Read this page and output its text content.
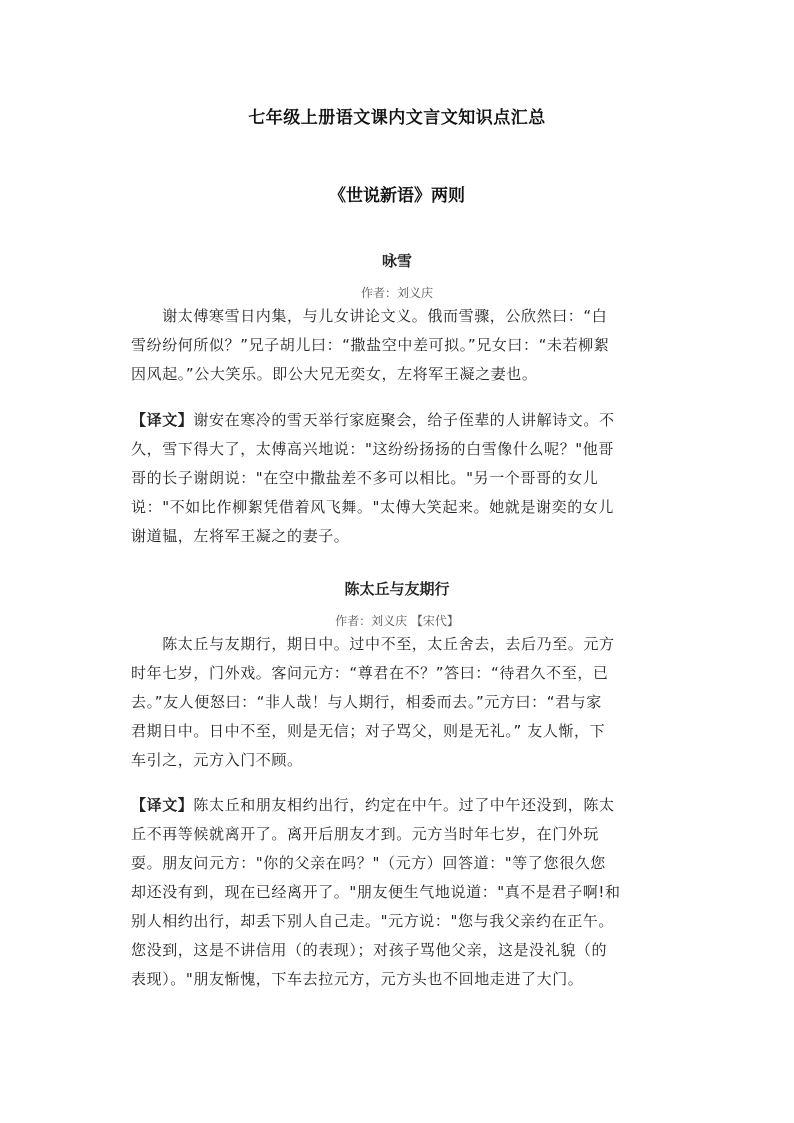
七年级上册语文课内文言文知识点汇总
《世说新语》两则
咏雪
作者：刘义庆
　　谢太傅寒雪日内集，与儿女讲论文义。俄而雪骤，公欣然曰：“白
雪纷纷何所似？”兄子胡儿曰：“撒盐空中差可拟。”兄女曰：“未若柳絮
因风起。”公大笑乐。即公大兄无奕女，左将军王凝之妻也。
【译文】谢安在寒冷的雪天举行家庭聚会，给子侄辈的人讲解诗文。不
久，雪下得大了，太傅高兴地说："这纷纷扬扬的白雪像什么呢？"他哥
哥的长子谢朗说："在空中撒盐差不多可以相比。"另一个哥哥的女儿
说："不如比作柳絮凭借着风飞舞。"太傅大笑起来。她就是谢奕的女儿
谢道韫，左将军王凝之的妻子。
陈太丘与友期行
作者：刘义庆 【宋代】
　　陈太丘与友期行，期日中。过中不至，太丘舍去，去后乃至。元方
时年七岁，门外戏。客问元方：“尊君在不？”答曰：“待君久不至，已
去。”友人便怒曰：“非人哉！与人期行，相委而去。”元方曰：“君与家
君期日中。日中不至，则是无信；对子骂父，则是无礼。” 友人惭，下
车引之，元方入门不顾。
【译文】陈太丘和朋友相约出行，约定在中午。过了中午还没到，陈太
丘不再等候就离开了。离开后朋友才到。元方当时年七岁，在门外玩
耍。朋友问元方："你的父亲在吗？"（元方）回答道："等了您很久您
却还没有到，现在已经离开了。"朋友便生气地说道："真不是君子啊!和
别人相约出行，却丢下别人自己走。"元方说："您与我父亲约在正午。
您没到，这是不讲信用（的表现）；对孩子骂他父亲，这是没礼貌（的
表现）。"朋友惭愧，下车去拉元方，元方头也不回地走进了大门。
